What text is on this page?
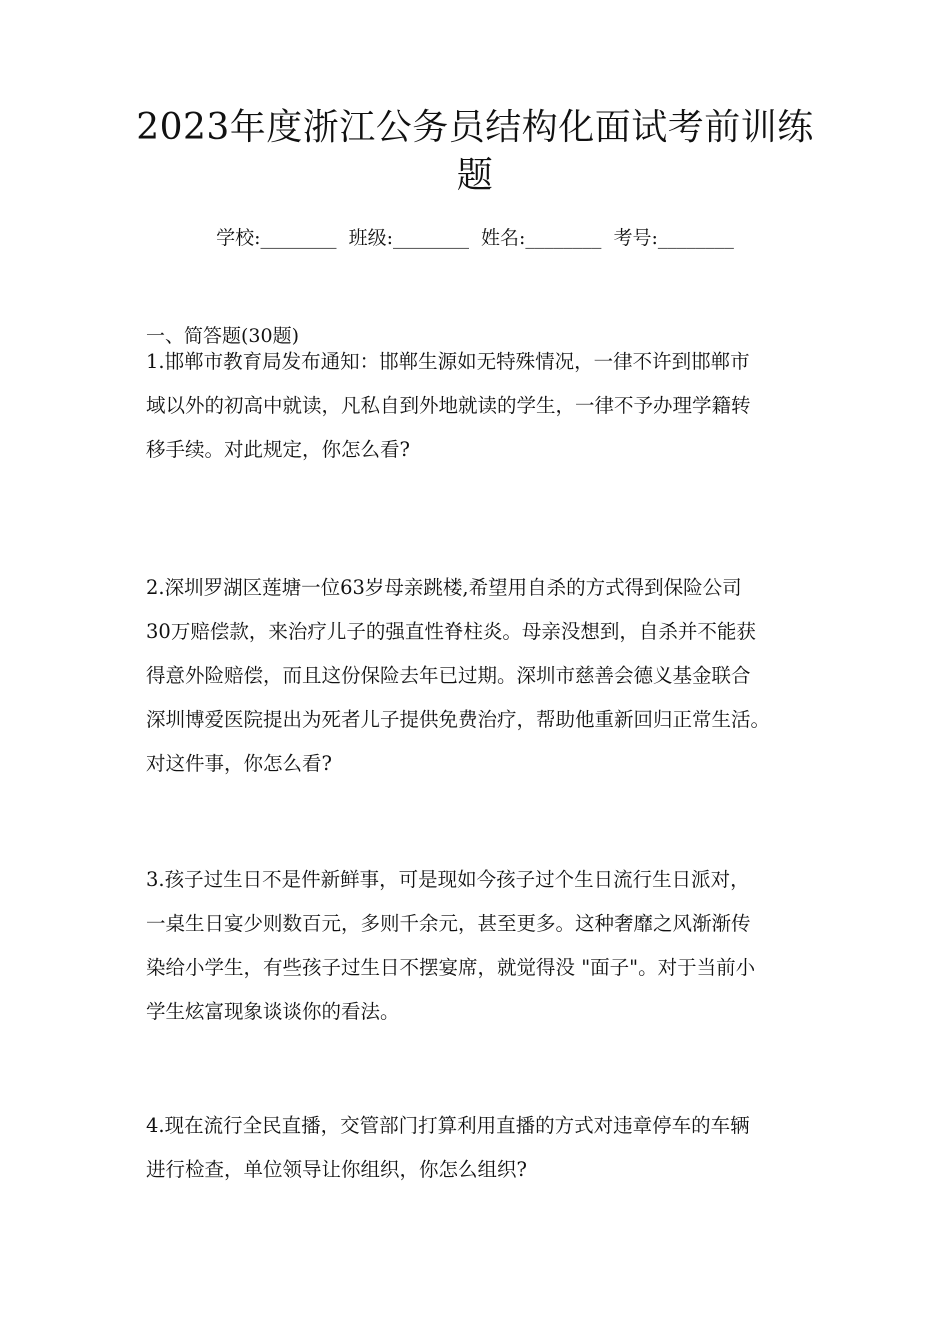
2023年度浙江公务员结构化面试考前训练
题
学校:________ 班级:________ 姓名:________ 考号:________
一、简答题(30题)
1.邯郸市教育局发布通知：邯郸生源如无特殊情况，一律不许到邯郸市
域以外的初高中就读，凡私自到外地就读的学生，一律不予办理学籍转
移手续。对此规定，你怎么看?
2.深圳罗湖区莲塘一位63岁母亲跳楼,希望用自杀的方式得到保险公司
30万赔偿款，来治疗儿子的强直性脊柱炎。母亲没想到，自杀并不能获
得意外险赔偿，而且这份保险去年已过期。深圳市慈善会德义基金联合
深圳博爱医院提出为死者儿子提供免费治疗，帮助他重新回归正常生活。
对这件事，你怎么看?
3.孩子过生日不是件新鲜事，可是现如今孩子过个生日流行生日派对，
一桌生日宴少则数百元，多则千余元，甚至更多。这种奢靡之风渐渐传
染给小学生，有些孩子过生日不摆宴席，就觉得没 "面子"。对于当前小
学生炫富现象谈谈你的看法。
4.现在流行全民直播，交管部门打算利用直播的方式对违章停车的车辆
进行检查，单位领导让你组织，你怎么组织?
